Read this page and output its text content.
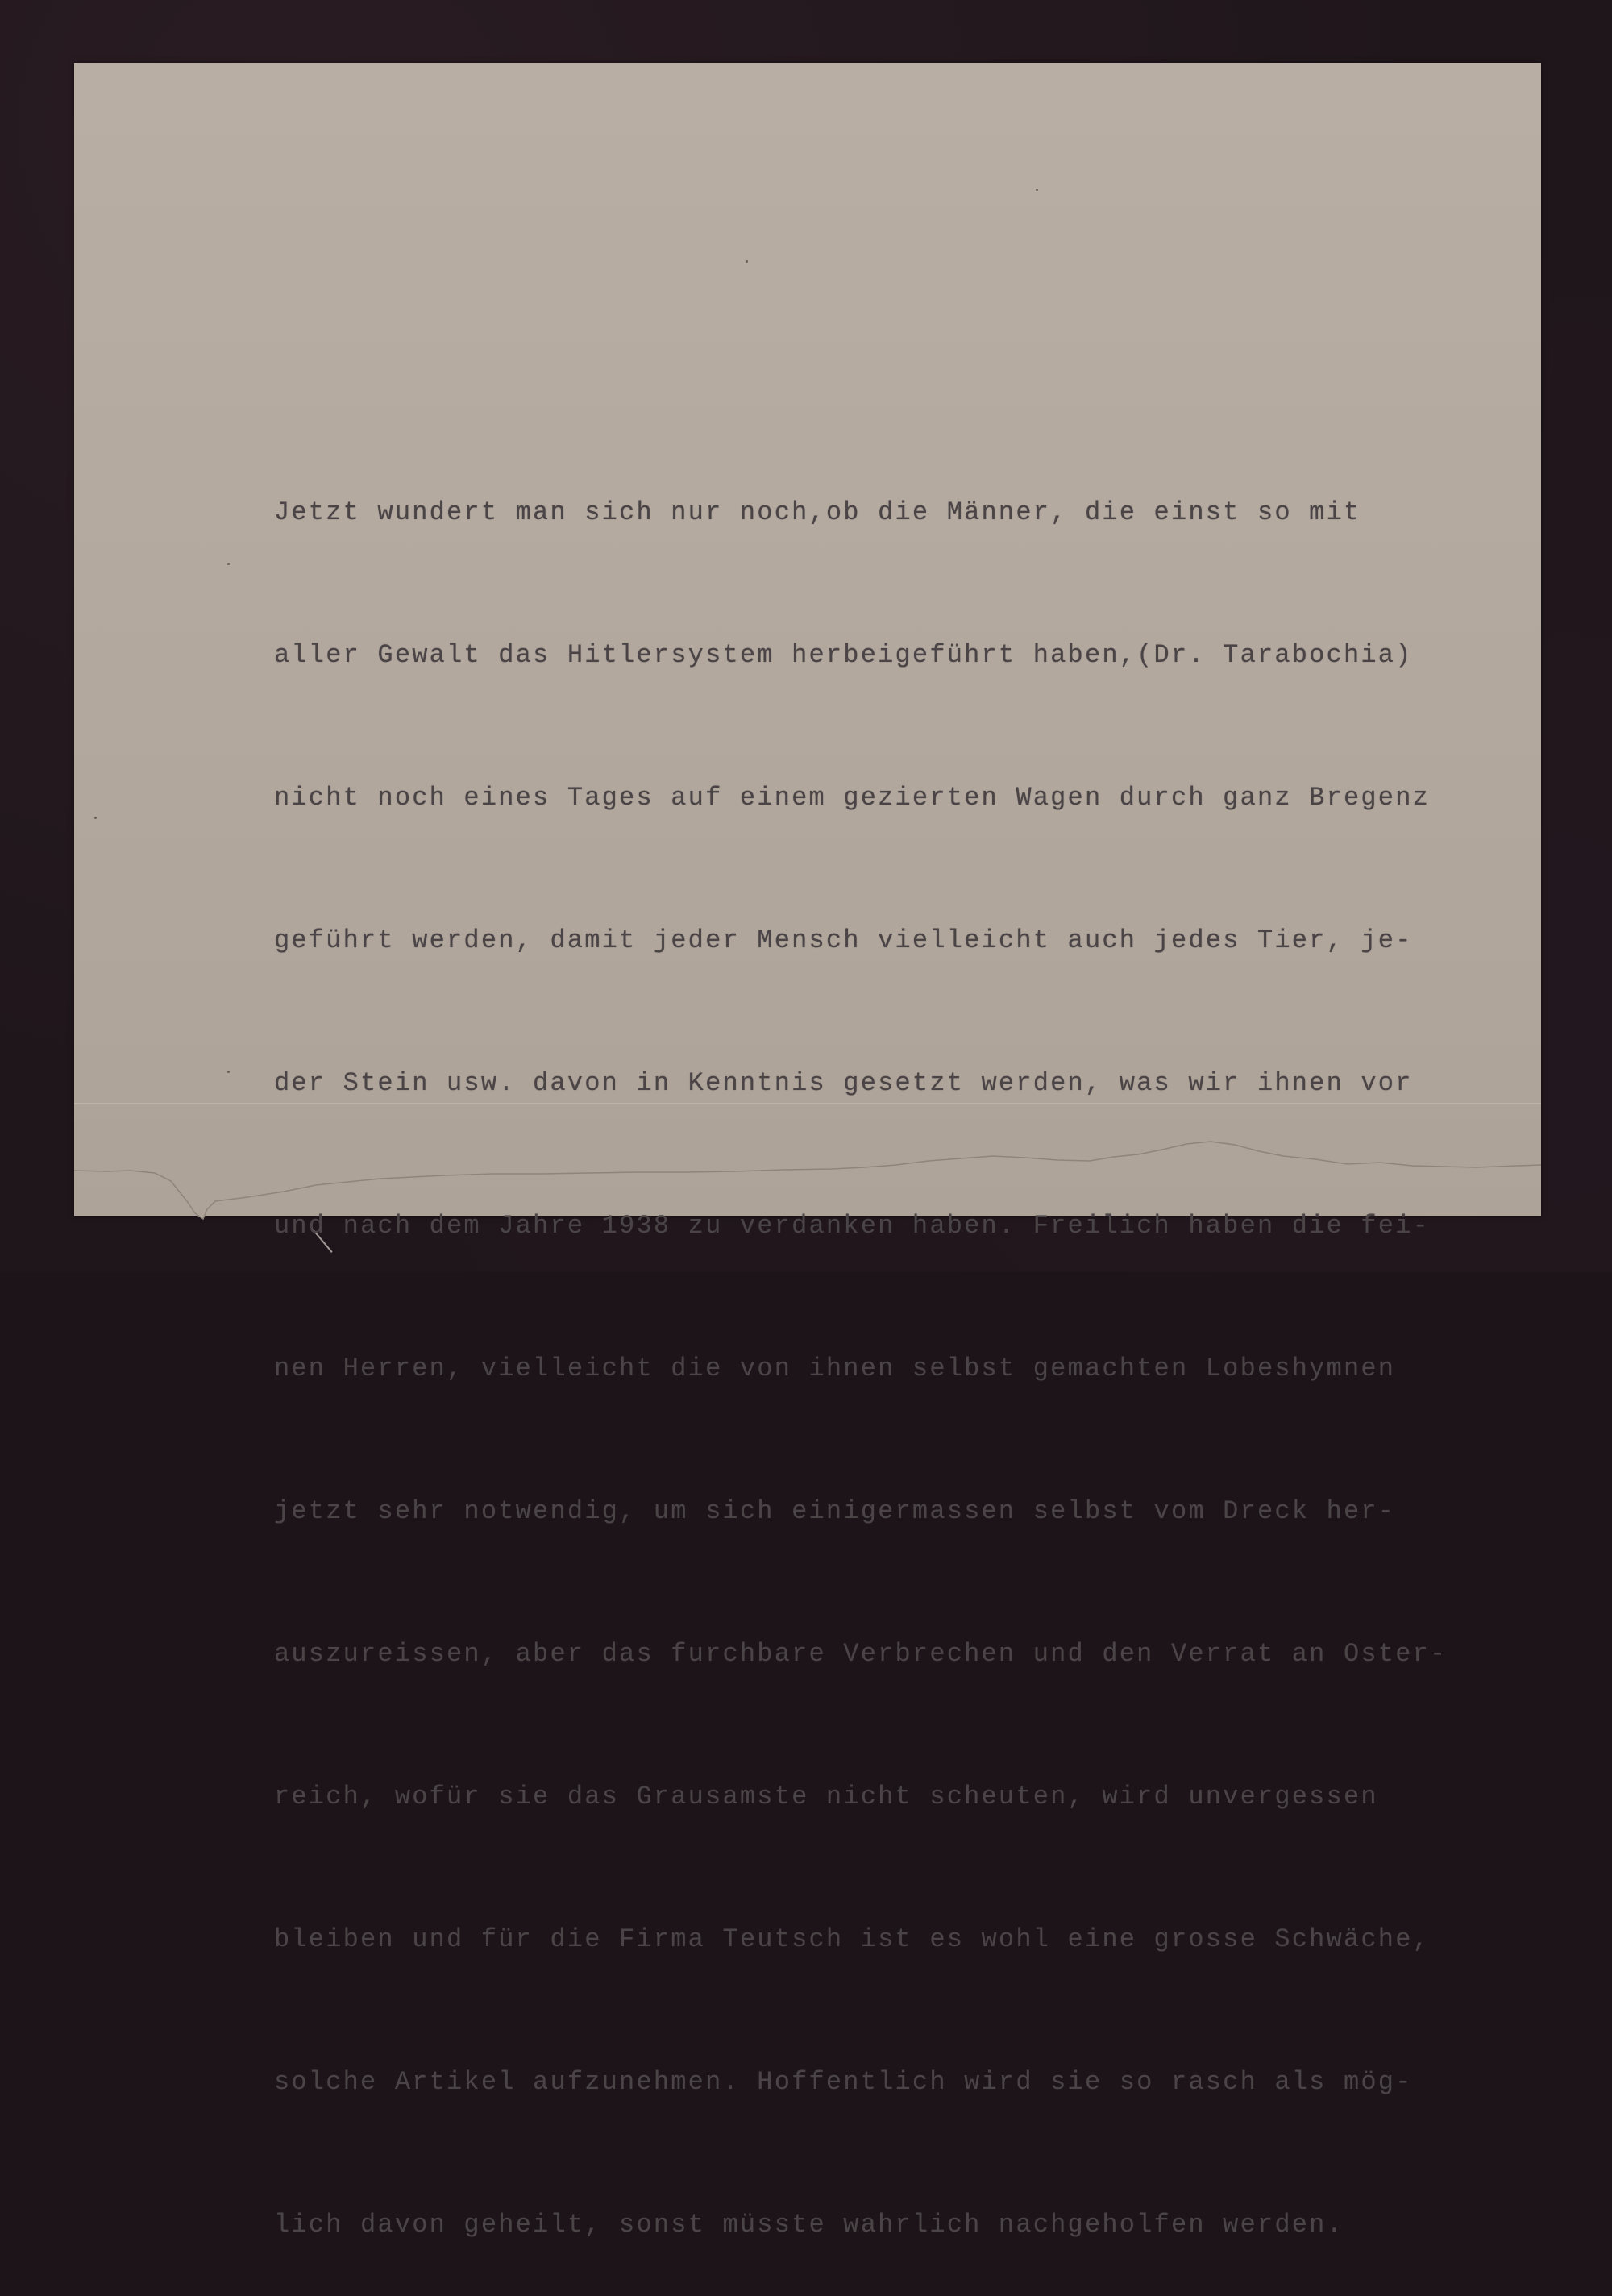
Jetzt wundert man sich nur noch,ob die Männer, die einst so mit

aller Gewalt das Hitlersystem herbeigeführt haben,(Dr. Tarabochia)

nicht noch eines Tages auf einem gezierten Wagen durch ganz Bregenz

geführt werden, damit jeder Mensch vielleicht auch jedes Tier, je-

der Stein usw. davon in Kenntnis gesetzt werden, was wir ihnen vor

und nach dem Jahre 1938 zu verdanken haben. Freilich haben die fei-

nen Herren, vielleicht die von ihnen selbst gemachten Lobeshymnen

jetzt sehr notwendig, um sich einigermassen selbst vom Dreck her-

auszureissen, aber das furchbare Verbrechen und den Verrat an Oster-

reich, wofür sie das Grausamste nicht scheuten, wird unvergessen

bleiben und für die Firma Teutsch ist es wohl eine grosse Schwäche,

solche Artikel aufzunehmen. Hoffentlich wird sie so rasch als mög-

lich davon geheilt, sonst müsste wahrlich nachgeholfen werden.
